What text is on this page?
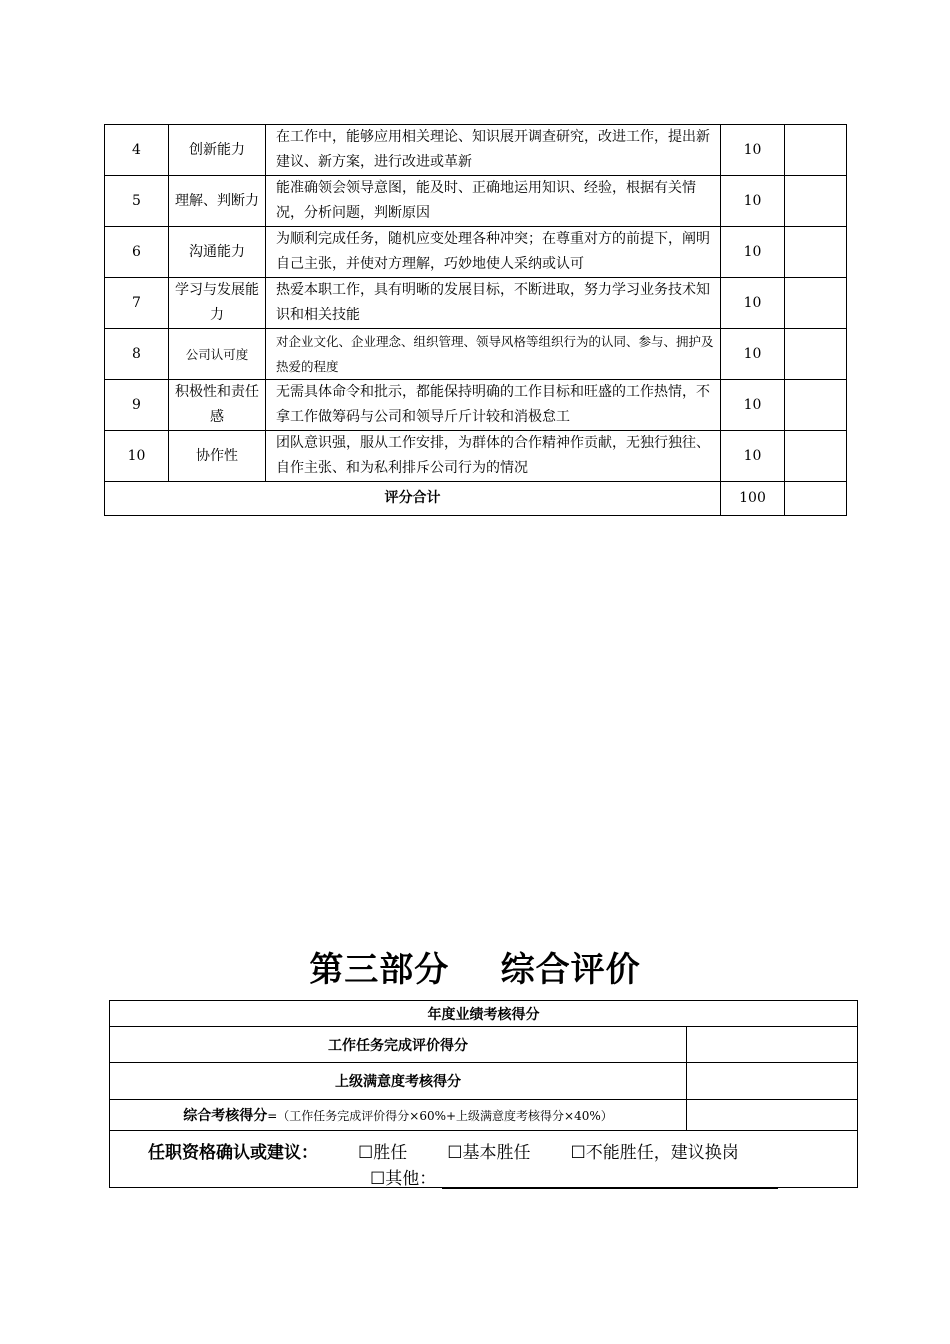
4	创新能力	在工作中，能够应用相关理论、知识展开调查研究，改进工作，提出新建议、新方案，进行改进或革新	10	
5	理解、判断力	能准确领会领导意图，能及时、正确地运用知识、经验，根据有关情况，分析问题，判断原因	10	
6	沟通能力	为顺利完成任务，随机应变处理各种冲突；在尊重对方的前提下，阐明自己主张，并使对方理解，巧妙地使人采纳或认可	10	
7	学习与发展能力	热爱本职工作，具有明晰的发展目标，不断进取，努力学习业务技术知识和相关技能	10	
8	公司认可度	对企业文化、企业理念、组织管理、领导风格等组织行为的认同、参与、拥护及热爱的程度	10	
9	积极性和责任感	无需具体命令和批示，都能保持明确的工作目标和旺盛的工作热情，不拿工作做筹码与公司和领导斤斤计较和消极怠工	10	
10	协作性	团队意识强，服从工作安排，为群体的合作精神作贡献，无独行独往、自作主张、和为私利排斥公司行为的情况	10	
评分合计			100	
第三部分    综合评价
年度业绩考核得分	
工作任务完成评价得分	
上级满意度考核得分	
综合考核得分=（工作任务完成评价得分×60%+上级满意度考核得分×40%）	

任职资格确认或建议： ☐胜任 ☐基本胜任 ☐不能胜任，建议换岗
☐其他：	
